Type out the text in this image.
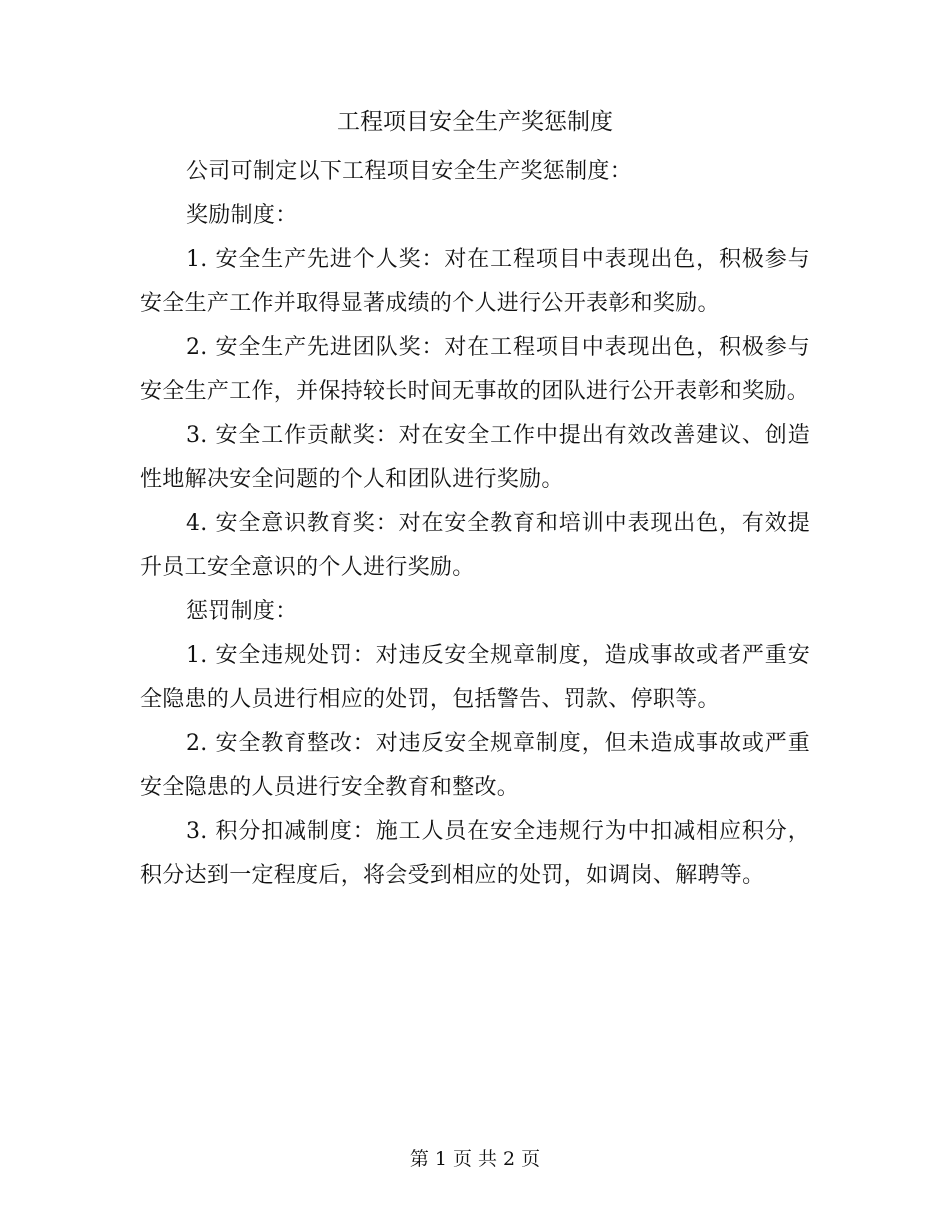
工程项目安全生产奖惩制度

公司可制定以下工程项目安全生产奖惩制度：

奖励制度：

1. 安全生产先进个人奖：对在工程项目中表现出色，积极参与安全生产工作并取得显著成绩的个人进行公开表彰和奖励。

2. 安全生产先进团队奖：对在工程项目中表现出色，积极参与安全生产工作，并保持较长时间无事故的团队进行公开表彰和奖励。

3. 安全工作贡献奖：对在安全工作中提出有效改善建议、创造性地解决安全问题的个人和团队进行奖励。

4. 安全意识教育奖：对在安全教育和培训中表现出色，有效提升员工安全意识的个人进行奖励。

惩罚制度：

1. 安全违规处罚：对违反安全规章制度，造成事故或者严重安全隐患的人员进行相应的处罚，包括警告、罚款、停职等。

2. 安全教育整改：对违反安全规章制度，但未造成事故或严重安全隐患的人员进行安全教育和整改。

3. 积分扣减制度：施工人员在安全违规行为中扣减相应积分，积分达到一定程度后，将会受到相应的处罚，如调岗、解聘等。

第 1 页 共 2 页
